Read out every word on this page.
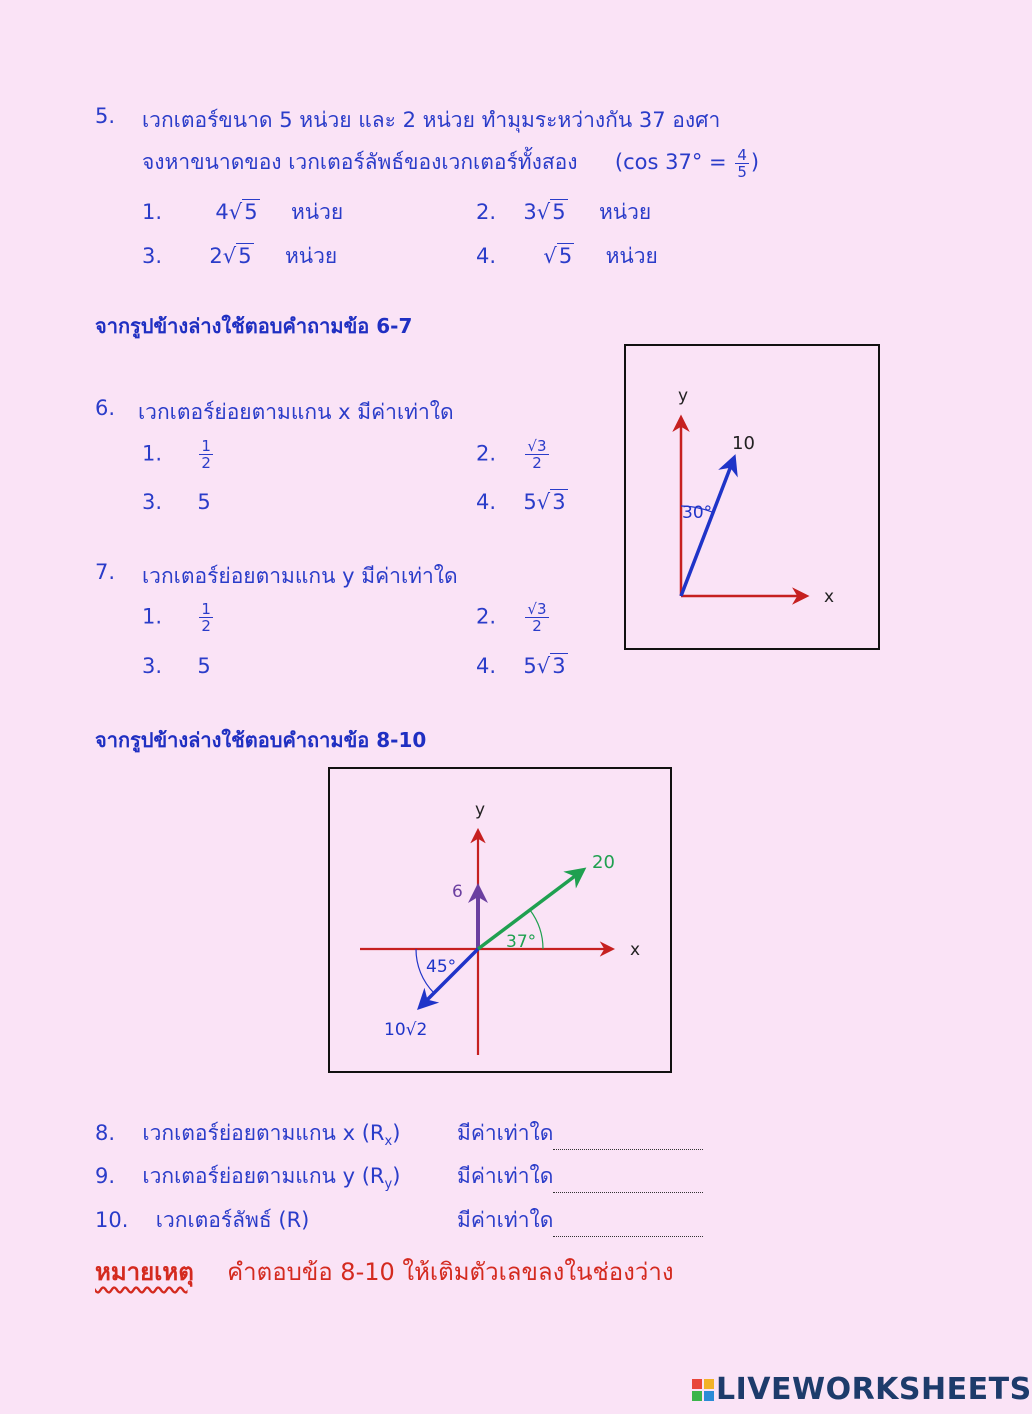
5. เวกเตอร์ขนาด 5 หน่วย และ 2 หน่วย ทำมุมระหว่างกัน 37 องศา
จงหาขนาดของ เวกเตอร์ลัพธ์ของเวกเตอร์ทั้งสอง (cos $37^\circ = \frac{4}{5}$ )
1.	4√5 หน่วย	2. 3√5 หน่วย
3. 2√5 หน่วย	4. √5 หน่วย
จากรูปข้างล่างใช้ตอบคำถามข้อ 6-7
6. เวกเตอร์ย่อยตามแกน x มีค่าเท่าใด
1. $\frac{1}{2}$	2. $\frac{√3}{2}$
3. 5	4. 5√3
7. เวกเตอร์ย่อยตามแกน y มีค่าเท่าใด
1. $\frac{1}{2}$	2. $\frac{√3}{2}$
3. 5	4. 5√3
y
x
10
30°
จากรูปข้างล่างใช้ตอบคำถามข้อ 8-10
y
x
6
20
37°
45°
10√2
8. เวกเตอร์ย่อยตามแกน x $(R_x)$	มีค่าเท่าใด
9. เวกเตอร์ย่อยตามแกน y $(R_y)$	มีค่าเท่าใด
10. เวกเตอร์ลัพธ์ (R)	มีค่าเท่าใด
หมายเหตุ คำตอบข้อ 8-10 ให้เติมตัวเลขลงในช่องว่าง
LIVEWORKSHEETS
